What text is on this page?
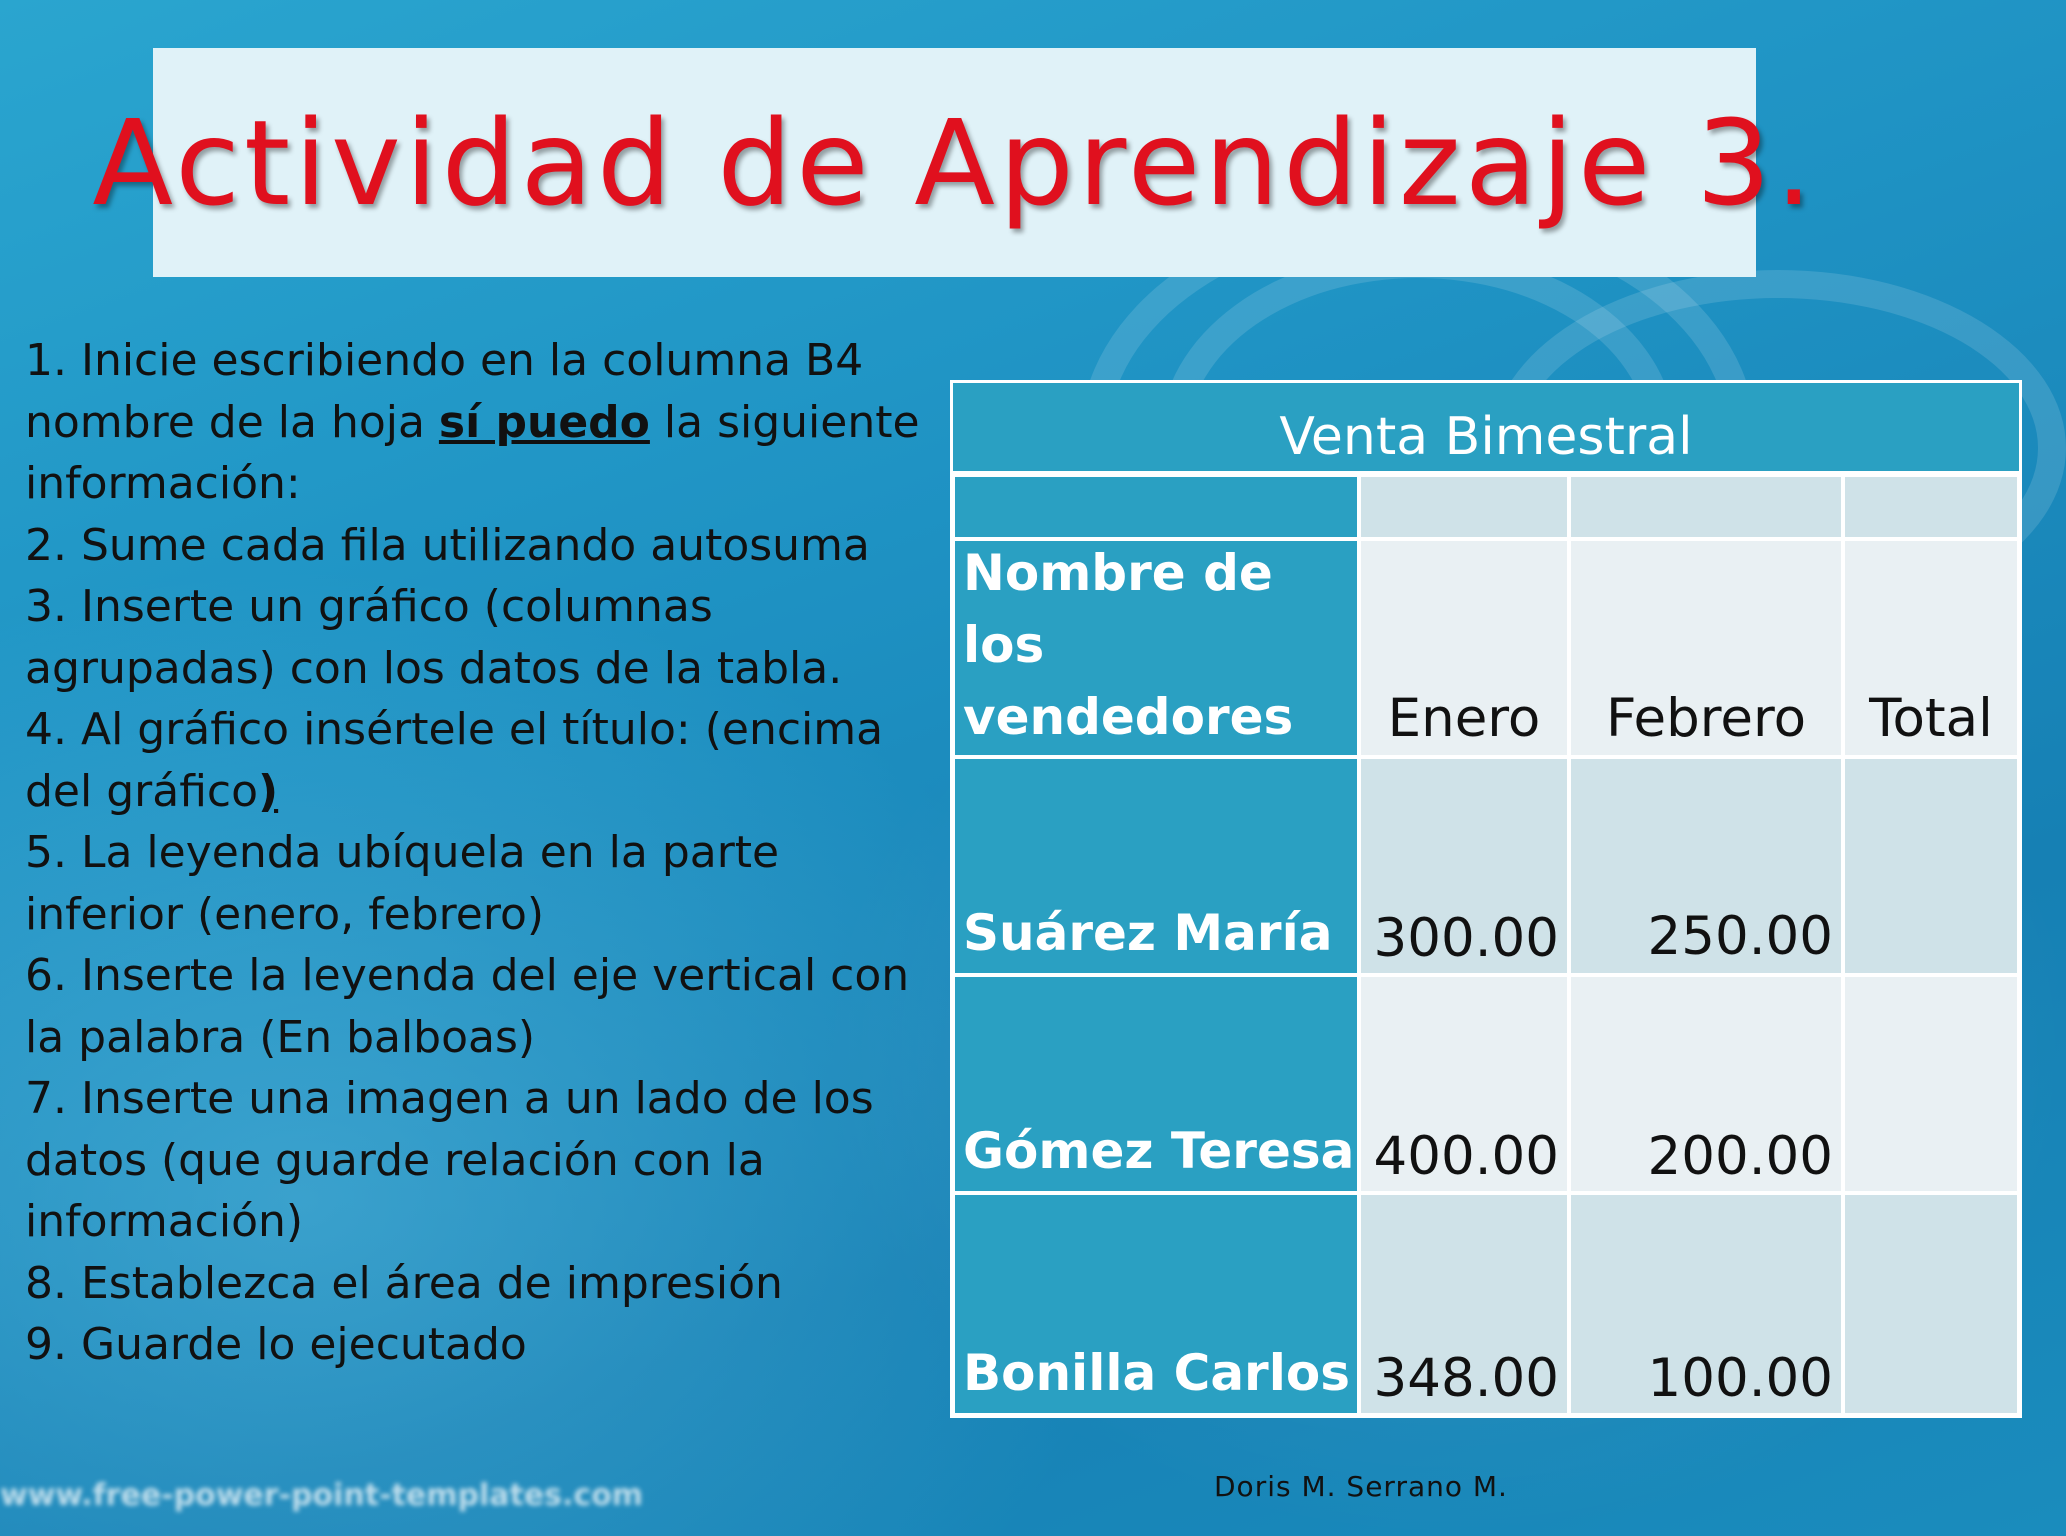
Actividad de Aprendizaje 3.
1. Inicie escribiendo en la columna B4
nombre de la hoja sí puedo la siguiente
información:
2. Sume cada fila utilizando autosuma
3. Inserte un gráfico (columnas
agrupadas) con los datos de la tabla.
4. Al gráfico insértele el título: (encima
del gráfico)
5. La leyenda ubíquela en la parte
inferior (enero, febrero)
6. Inserte la leyenda del eje vertical con
la palabra (En balboas)
7. Inserte una imagen a un lado de los
datos (que guarde relación con la
información)
8. Establezca el área de impresión
9. Guarde lo ejecutado
Venta Bimestral
Nombre de los
vendedores	Enero Febrero Total
Suárez María 300.00 250.00
Gómez Teresa 400.00 200.00
Bonilla Carlos 348.00 100.00
www.free-power-point-templates.com	Doris M. Serrano M.
